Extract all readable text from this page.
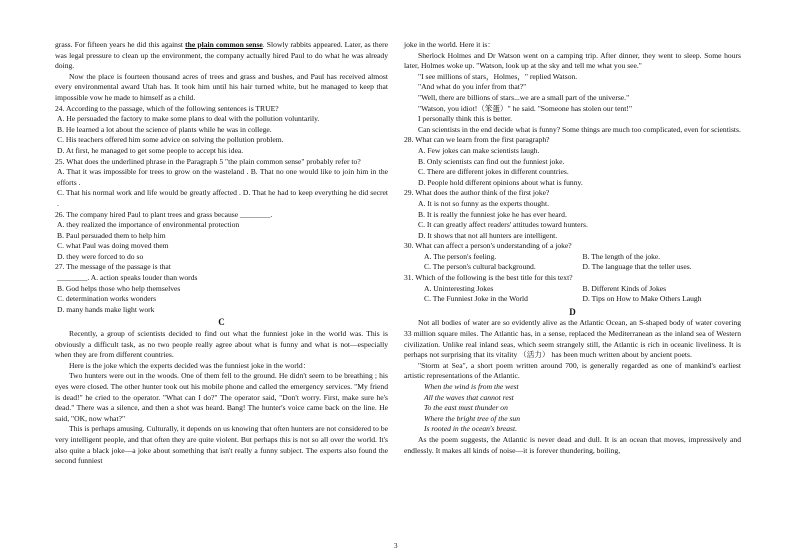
grass. For fifteen years he did this against the plain common sense. Slowly rabbits appeared. Later, as there was legal pressure to clean up the environment, the company actually hired Paul to do what he was already doing.

Now the place is fourteen thousand acres of trees and grass and bushes, and Paul has received almost every environmental award Utah has. It took him until his hair turned white, but he managed to keep that impossible vow he made to himself as a child.

24. According to the passage, which of the following sentences is TRUE?

A. He persuaded the factory to make some plans to deal with the pollution voluntarily.

B. He learned a lot about the science of plants while he was in college.

C. His teachers offered him some advice on solving the pollution problem.

D. At first, he managed to get some people to accept his idea.

25. What does the underlined phrase in the Paragraph 5 "the plain common sense" probably refer to?

A. That it was impossible for trees to grow on the wasteland . B. That no one would like to join him in the efforts .

C. That his normal work and life would be greatly affected . D. That he had to keep everything he did secret .

26. The company hired Paul to plant trees and grass because ________.

A. they realized the importance of environmental protection

B. Paul persuaded them to help him

C. what Paul was doing moved them

D. they were forced to do so

27. The message of the passage is that

________. A. action speaks louder than words

B. God helps those who help themselves

C. determination works wonders

D. many hands make light work

C

Recently, a group of scientists decided to find out what the funniest joke in the world was. This is obviously a difficult task, as no two people really agree about what is funny and what is not—especially when they are from different countries.

Here is the joke which the experts decided was the funniest joke in the world：

Two hunters were out in the woods. One of them fell to the ground. He didn't seem to be breathing ; his eyes were closed. The other hunter took out his mobile phone and called the emergency services. "My friend is dead!" he cried to the operator. "What can I do?" The operator said, "Don't worry. First, make sure he's dead." There was a silence, and then a shot was heard. Bang! The hunter's voice came back on the line. He said, "OK, now what?"

This is perhaps amusing. Culturally, it depends on us knowing that often hunters are not considered to be very intelligent people, and that often they are quite violent. But perhaps this is not so all over the world. It's also quite a black joke—a joke about something that isn't really a funny subject. The experts also found the second funniest

joke in the world. Here it is：

Sherlock Holmes and Dr Watson went on a camping trip. After dinner, they went to sleep. Some hours later, Holmes woke up. "Watson, look up at the sky and tell me what you see."

"I see millions of stars，Holmes，" replied Watson.

"And what do you infer from that?"

"Well, there are billions of stars...we are a small part of the universe."

"Watson, you idiot!（笨蛋）" he said. "Someone has stolen our tent!"

I personally think this is better.

Can scientists in the end decide what is funny? Some things are much too complicated, even for scientists.

28. What can we learn from the first paragraph?

A. Few jokes can make scientists laugh.

B. Only scientists can find out the funniest joke.

C. There are different jokes in different countries.

D. People hold different opinions about what is funny.

29. What does the author think of the first joke?

A. It is not so funny as the experts thought.

B. It is really the funniest joke he has ever heard.

C. It can greatly affect readers' attitudes toward hunters.

D. It shows that not all hunters are intelligent.

30. What can affect a person's understanding of a joke?

A. The person's feeling.	B. The length of the joke.
C. The person's cultural background.	D. The language that the teller uses.

31. Which of the following is the best title for this text?

A. Uninteresting Jokes	B. Different Kinds of Jokes
C. The Funniest Joke in the World	D. Tips on How to Make Others Laugh

D

Not all bodies of water are so evidently alive as the Atlantic Ocean, an S-shaped body of water covering 33 million square miles. The Atlantic has, in a sense, replaced the Mediterranean as the inland sea of Western civilization. Unlike real inland seas, which seem strangely still, the Atlantic is rich in oceanic liveliness. It is perhaps not surprising that its vitality （活力） has been much written about by ancient poets.

"Storm at Sea", a short poem written around 700, is generally regarded as one of mankind's earliest artistic representations of the Atlantic.

When the wind is from the west

All the waves that cannot rest

To the east must thunder on

Where the bright tree of the sun

Is rooted in the ocean's breast.

As the poem suggests, the Atlantic is never dead and dull. It is an ocean that moves, impressively and endlessly. It makes all kinds of noise—it is forever thundering, boiling,

3
